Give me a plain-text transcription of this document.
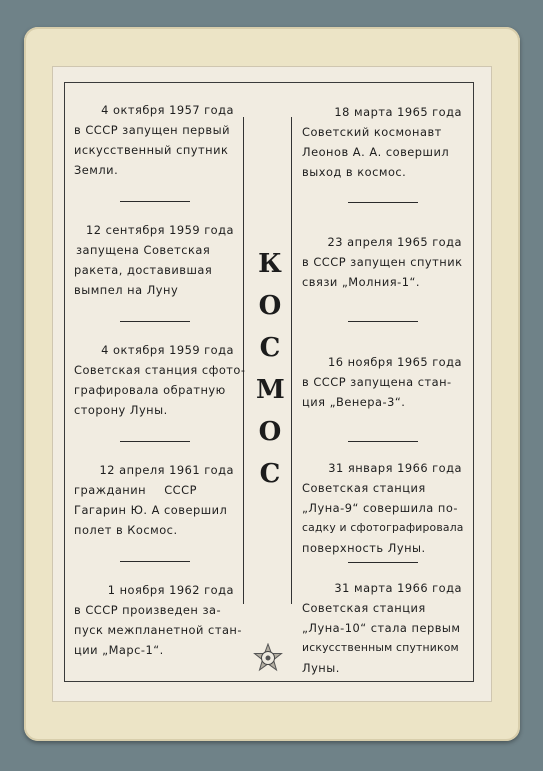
К
О
С
М
О
С
4 октября 1957 года
в СССР запущен первый
искусственный спутник
Земли.
12 сентября 1959 года
запущена Советская
ракета, доставившая
вымпел на Луну
4 октября 1959 года
Советская станция сфото-
графировала обратную
сторону Луны.
12 апреля 1961 года
гражданин СССР
Гагарин Ю. А совершил
полет в Космос.
1 ноября 1962 года
в СССР произведен за-
пуск межпланетной стан-
ции „Марс-1“.
18 марта 1965 года
Советский космонавт
Леонов А. А. совершил
выход в космос.
23 апреля 1965 года
в СССР запущен спутник
связи „Молния-1“.
16 ноября 1965 года
в СССР запущена стан-
ция „Венера-3“.
31 января 1966 года
Советская станция
„Луна-9“ совершила по-
садку и сфотографировала
поверхность Луны.
31 марта 1966 года
Советская станция
„Луна-10“ стала первым
искусственным спутником
Луны.
